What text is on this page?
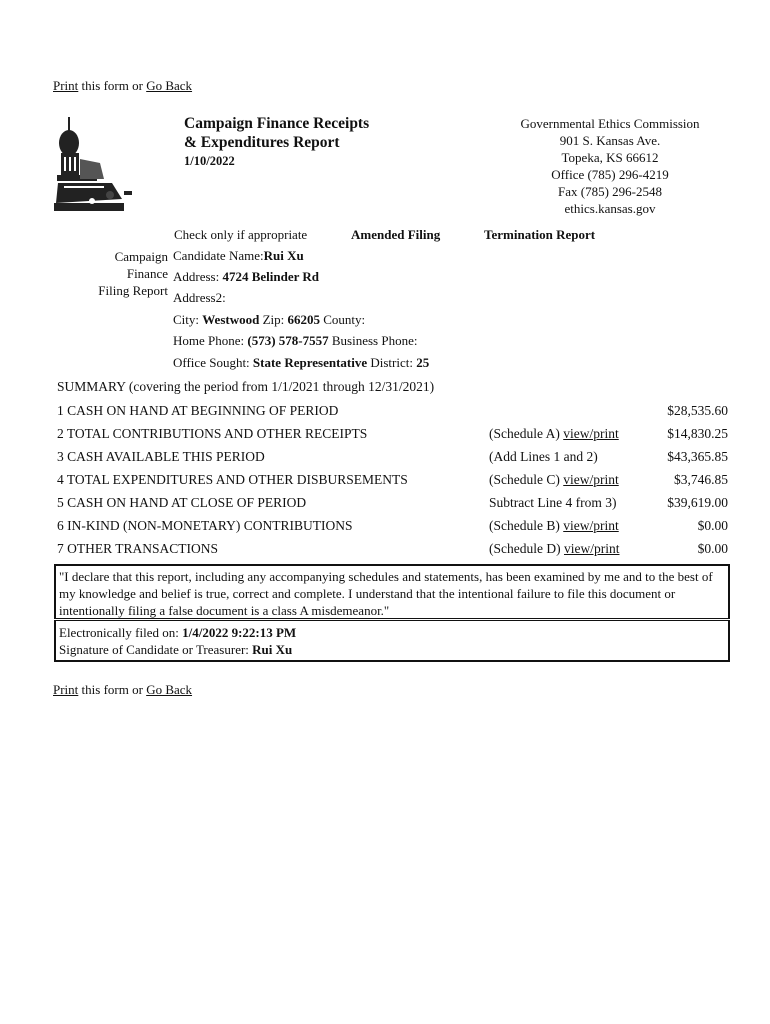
Print this form or Go Back
Campaign Finance Receipts
& Expenditures Report
1/10/2022
Governmental Ethics Commission
901 S. Kansas Ave.
Topeka, KS 66612
Office (785) 296-4219
Fax (785) 296-2548
ethics.kansas.gov
Check only if appropriate	Amended Filing	Termination Report
Campaign
Finance
Filing Report
Candidate Name:Rui Xu
Address: 4724 Belinder Rd
Address2:
City: Westwood Zip: 66205 County:
Home Phone: (573) 578-7557 Business Phone:
Office Sought: State Representative District: 25
SUMMARY (covering the period from 1/1/2021 through 12/31/2021)
1 CASH ON HAND AT BEGINNING OF PERIOD	$28,535.60
2 TOTAL CONTRIBUTIONS AND OTHER RECEIPTS	(Schedule A) view/print	$14,830.25
3 CASH AVAILABLE THIS PERIOD	(Add Lines 1 and 2)	$43,365.85
4 TOTAL EXPENDITURES AND OTHER DISBURSEMENTS	(Schedule C) view/print	$3,746.85
5 CASH ON HAND AT CLOSE OF PERIOD	Subtract Line 4 from 3)	$39,619.00
6 IN-KIND (NON-MONETARY) CONTRIBUTIONS	(Schedule B) view/print	$0.00
7 OTHER TRANSACTIONS	(Schedule D) view/print	$0.00
"I declare that this report, including any accompanying schedules and statements, has been examined by me and to the best of my knowledge and belief is true, correct and complete. I understand that the intentional failure to file this document or intentionally filing a false document is a class A misdemeanor."
Electronically filed on: 1/4/2022 9:22:13 PM
Signature of Candidate or Treasurer: Rui Xu
Print this form or Go Back
